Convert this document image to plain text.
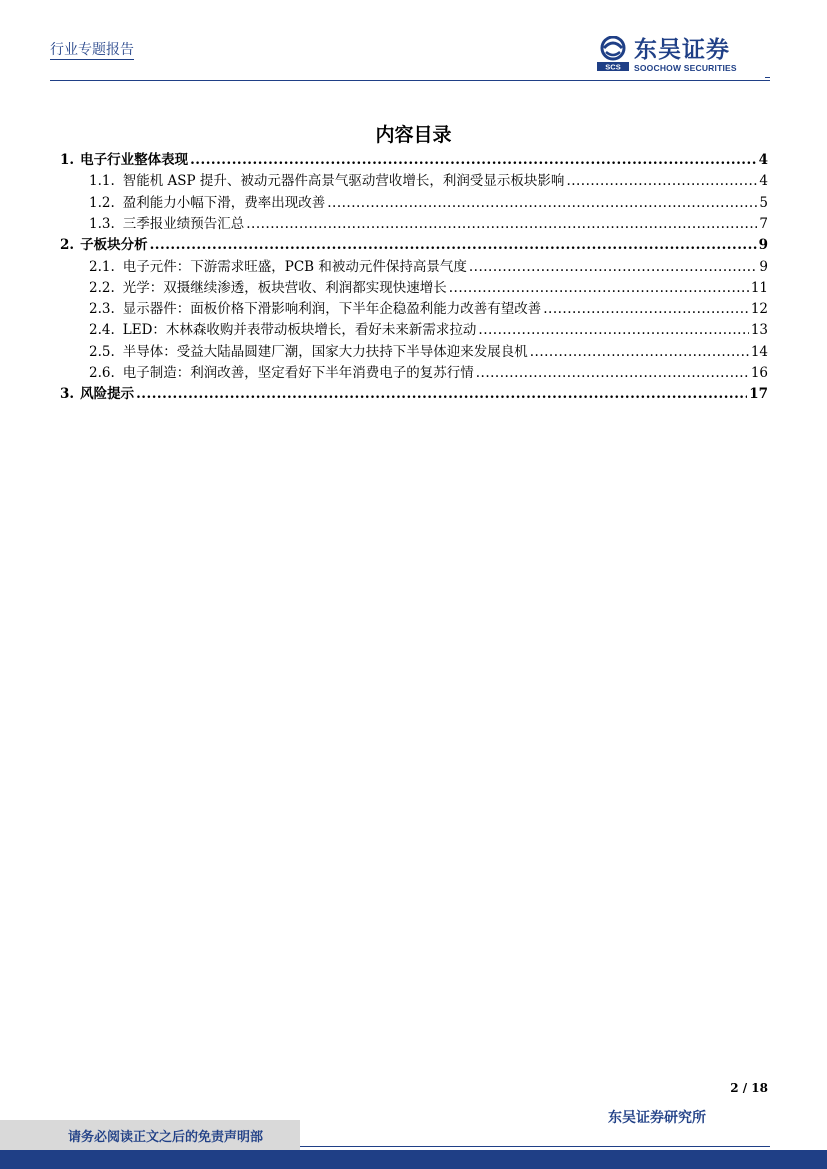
行业专题报告
SCS
东吴证券
SOOCHOW SECURITIES
内容目录
1. 电子行业整体表现 .....	4
1.1. 智能机 ASP 提升、被动元器件高景气驱动营收增长，利润受显示板块影响 .....	4
1.2. 盈利能力小幅下滑，费率出现改善 .....	5
1.3. 三季报业绩预告汇总 .....	7
2. 子板块分析 .....	9
2.1. 电子元件：下游需求旺盛，PCB 和被动元件保持高景气度 .....	9
2.2. 光学：双摄继续渗透，板块营收、利润都实现快速增长 .....	11
2.3. 显示器件：面板价格下滑影响利润，下半年企稳盈利能力改善有望改善 .....	12
2.4. LED：木林森收购并表带动板块增长，看好未来新需求拉动 .....	13
2.5. 半导体：受益大陆晶圆建厂潮，国家大力扶持下半导体迎来发展良机 .....	14
2.6. 电子制造：利润改善，坚定看好下半年消费电子的复苏行情 .....	16
3. 风险提示 .....	17
2 / 18
请务必阅读正文之后的免责声明部
东吴证券研究所
